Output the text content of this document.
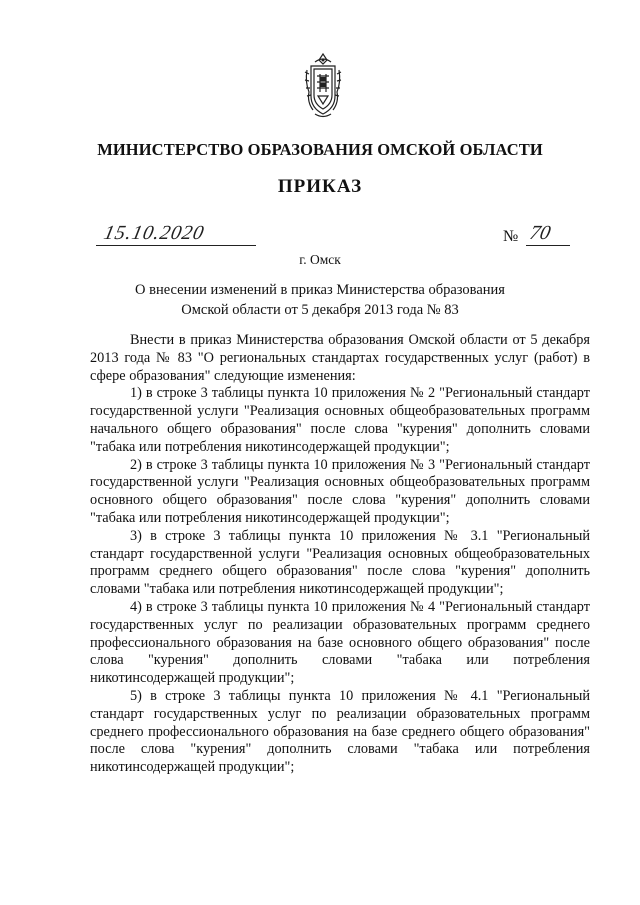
МИНИСТЕРСТВО ОБРАЗОВАНИЯ ОМСКОЙ ОБЛАСТИ
ПРИКАЗ
15.10.2020	№ 70
г. Омск
О внесении изменений в приказ Министерства образования
Омской области от 5 декабря 2013 года № 83

Внести в приказ Министерства образования Омской области от 5 декабря 2013 года № 83 "О региональных стандартах государственных услуг (работ) в сфере образования" следующие изменения:

1) в строке 3 таблицы пункта 10 приложения № 2 "Региональный стандарт государственной услуги "Реализация основных общеобразовательных программ начального общего образования" после слова "курения" дополнить словами "табака или потребления никотинсодержащей продукции";

2) в строке 3 таблицы пункта 10 приложения № 3 "Региональный стандарт государственной услуги "Реализация основных общеобразовательных программ основного общего образования" после слова "курения" дополнить словами "табака или потребления никотинсодержащей продукции";

3) в строке 3 таблицы пункта 10 приложения № 3.1 "Региональный стандарт государственной услуги "Реализация основных общеобразовательных программ среднего общего образования" после слова "курения" дополнить словами "табака или потребления никотинсодержащей продукции";

4) в строке 3 таблицы пункта 10 приложения № 4 "Региональный стандарт государственных услуг по реализации образовательных программ среднего профессионального образования на базе основного общего образования" после слова "курения" дополнить словами "табака или потребления никотинсодержащей продукции";

5) в строке 3 таблицы пункта 10 приложения № 4.1 "Региональный стандарт государственных услуг по реализации образовательных программ среднего профессионального образования на базе среднего общего образования" после слова "курения" дополнить словами "табака или потребления никотинсодержащей продукции";
